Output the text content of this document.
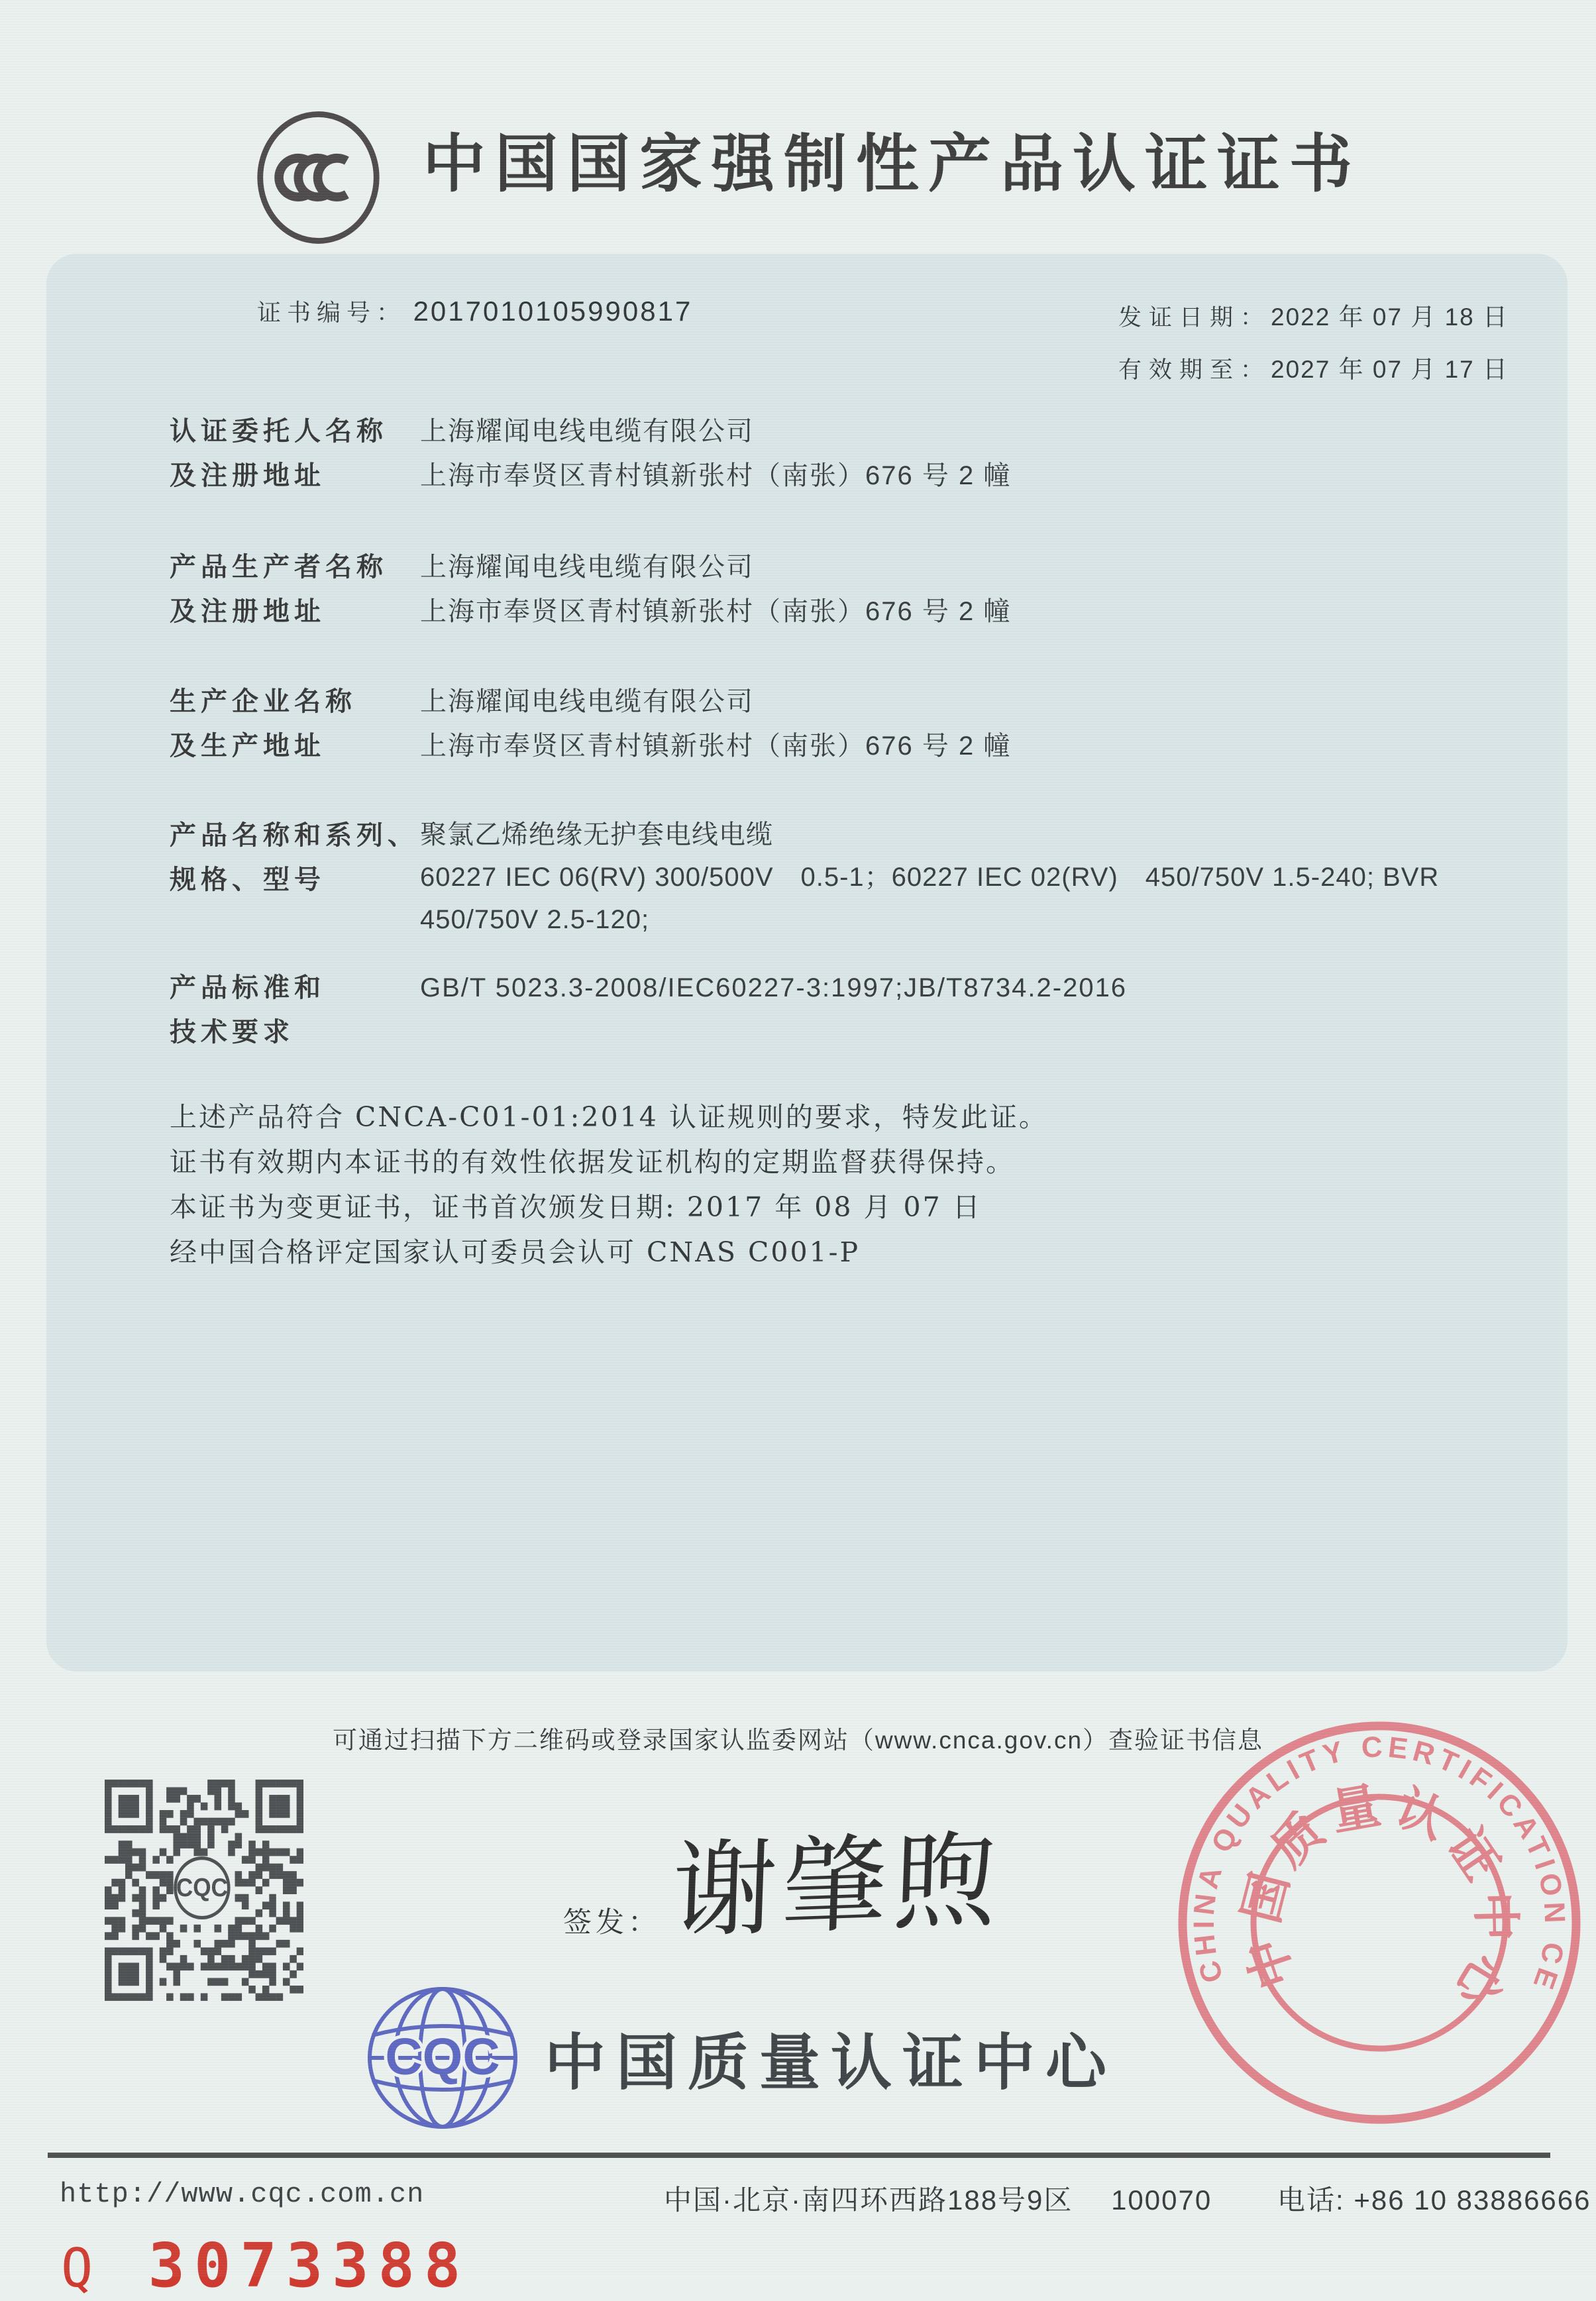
中国国家强制性产品认证证书
证书编号： 2017010105990817	发证日期：2022 年 07 月 18 日
有效期至：2027 年 07 月 17 日
认证委托人名称
及注册地址
上海耀闻电线电缆有限公司
上海市奉贤区青村镇新张村（南张）676 号 2 幢
产品生产者名称
及注册地址
上海耀闻电线电缆有限公司
上海市奉贤区青村镇新张村（南张）676 号 2 幢
生产企业名称
及生产地址
上海耀闻电线电缆有限公司
上海市奉贤区青村镇新张村（南张）676 号 2 幢
产品名称和系列、
规格、型号
聚氯乙烯绝缘无护套电线电缆
60227 IEC 06(RV) 300/500V　0.5-1；60227 IEC 02(RV)　450/750V 1.5-240; BVR　450/750V 2.5-120;
产品标准和
技术要求
GB/T 5023.3-2008/IEC60227-3:1997;JB/T8734.2-2016
上述产品符合 CNCA-C01-01:2014 认证规则的要求，特发此证。
证书有效期内本证书的有效性依据发证机构的定期监督获得保持。
本证书为变更证书，证书首次颁发日期: 2017 年 08 月 07 日
经中国合格评定国家认可委员会认可 CNAS C001-P
可通过扫描下方二维码或登录国家认监委网站（www.cnca.gov.cn）查验证书信息
CQC
签发： 谢肇煦
CQC 中国质量认证中心
CHINA QUALITY CERTIFICATION CENTRE
中国质量认证中心
http://www.cqc.com.cn	中国·北京·南四环西路188号9区　 100070 电话: +86 10 83886666
Q 3073388
